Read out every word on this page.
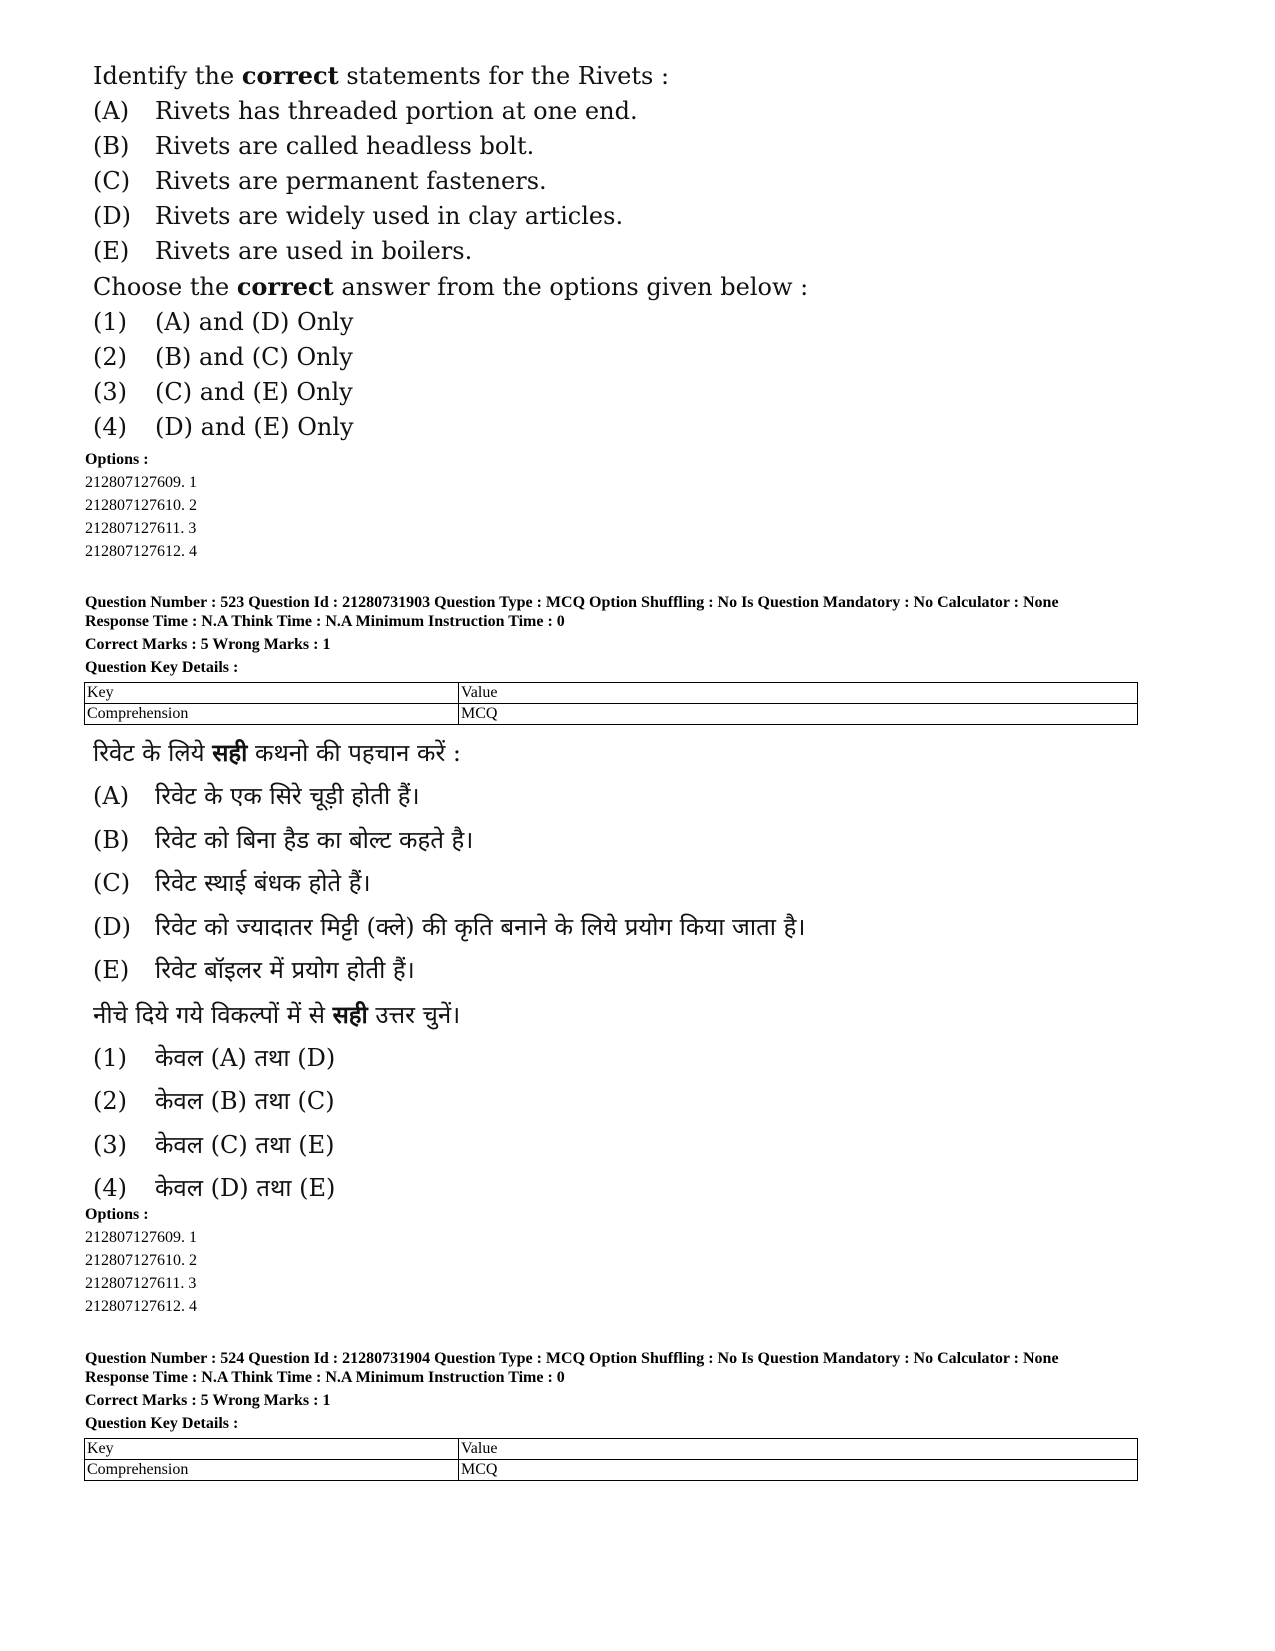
Identify the correct statements for the Rivets :
(A)	Rivets has threaded portion at one end.
(B)	Rivets are called headless bolt.
(C)	Rivets are permanent fasteners.
(D)	Rivets are widely used in clay articles.
(E)	Rivets are used in boilers.
Choose the correct answer from the options given below :
(1)	(A) and (D) Only
(2)	(B) and (C) Only
(3)	(C) and (E) Only
(4)	(D) and (E) Only
Options :
212807127609. 1
212807127610. 2
212807127611. 3
212807127612. 4
Question Number : 523 Question Id : 21280731903 Question Type : MCQ Option Shuffling : No Is Question Mandatory : No Calculator : None
Response Time : N.A Think Time : N.A Minimum Instruction Time : 0
Correct Marks : 5 Wrong Marks : 1
Question Key Details :
Key	Value
Comprehension	MCQ
रिवेट के लिये सही कथनो की पहचान करें :
(A)	रिवेट के एक सिरे चूड़ी होती हैं।
(B)	रिवेट को बिना हैड का बोल्ट कहते है।
(C)	रिवेट स्थाई बंधक होते हैं।
(D)	रिवेट को ज्यादातर मिट्टी (क्ले) की कृति बनाने के लिये प्रयोग किया जाता है।
(E)	रिवेट बॉइलर में प्रयोग होती हैं।
नीचे दिये गये विकल्पों में से सही उत्तर चुनें।
(1)	केवल (A) तथा (D)
(2)	केवल (B) तथा (C)
(3)	केवल (C) तथा (E)
(4)	केवल (D) तथा (E)
Options :
212807127609. 1
212807127610. 2
212807127611. 3
212807127612. 4
Question Number : 524 Question Id : 21280731904 Question Type : MCQ Option Shuffling : No Is Question Mandatory : No Calculator : None
Response Time : N.A Think Time : N.A Minimum Instruction Time : 0
Correct Marks : 5 Wrong Marks : 1
Question Key Details :
Key	Value
Comprehension	MCQ
